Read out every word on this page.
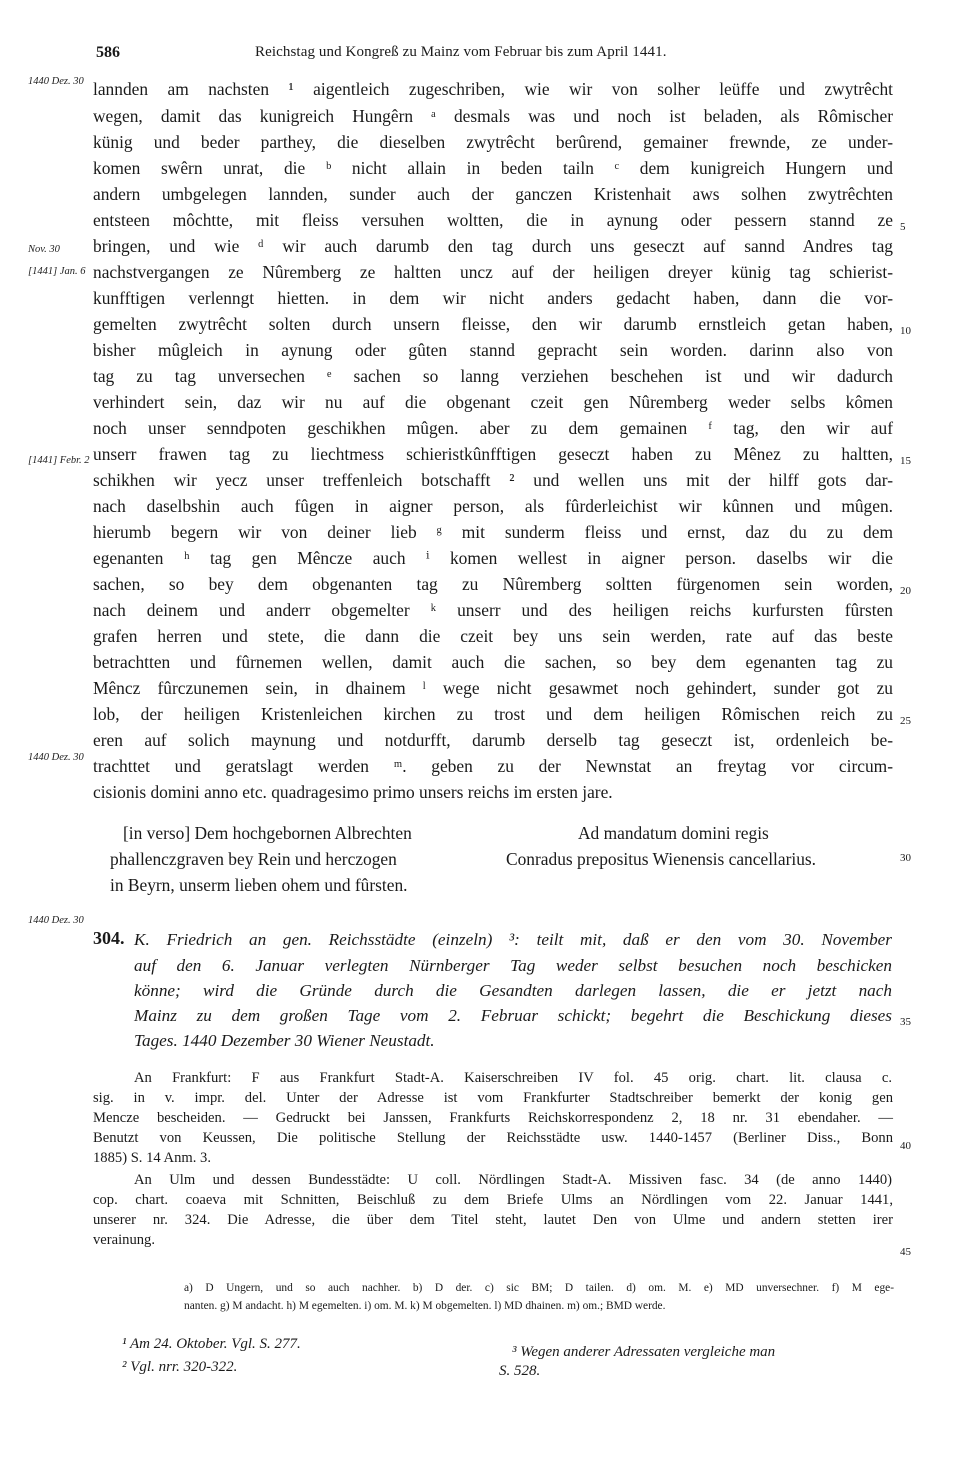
586	Reichstag und Kongreß zu Mainz vom Februar bis zum April 1441.
1440 Dez. 30
Nov. 30
[1441] Jan. 6
[1441] Febr. 2
1440 Dez. 30
1440 Dez. 30
lannden am nachsten ¹ aigentleich zugeschriben, wie wir von solher leüffe und zwytrêcht
wegen, damit das kunigreich Hungêrn ᵃ desmals was und noch ist beladen, als Rômischer
künig und beder parthey, die dieselben zwytrêcht berûrend, gemainer frewnde, ze under-
komen swêrn unrat, die ᵇ nicht allain in beden tailn ᶜ dem kunigreich Hungern und
andern umbgelegen lannden, sunder auch der ganczen Kristenhait aws solhen zwytrêchten
entsteen môchtte, mit fleiss versuhen woltten, die in aynung oder pessern stannd ze
bringen, und wie ᵈ wir auch darumb den tag durch uns geseczt auf sannd Andres tag
nachstvergangen ze Nûremberg ze haltten uncz auf der heiligen dreyer künig tag schierist-
kunfftigen verlenngt hietten. in dem wir nicht anders gedacht haben, dann die vor-
gemelten zwytrêcht solten durch unsern fleisse, den wir darumb ernstleich getan haben,
bisher mûgleich in aynung oder gûten stannd gepracht sein worden. darinn also von
tag zu tag unversechen ᵉ sachen so lanng verziehen beschehen ist und wir dadurch
verhindert sein, daz wir nu auf die obgenant czeit gen Nûremberg weder selbs kômen
noch unser senndpoten geschikhen mûgen. aber zu dem gemainen ᶠ tag, den wir auf
unserr frawen tag zu liechtmess schieristkûnfftigen geseczt haben zu Mênez zu haltten,
schikhen wir yecz unser treffenleich botschafft ² und wellen uns mit der hilff gots dar-
nach daselbshin auch fûgen in aigner person, als fûrderleichist wir kûnnen und mûgen.
hierumb begern wir von deiner lieb ᵍ mit sunderm fleiss und ernst, daz du zu dem
egenanten ʰ tag gen Mêncze auch ⁱ komen wellest in aigner person. daselbs wir die
sachen, so bey dem obgenanten tag zu Nûremberg soltten fürgenomen sein worden,
nach deinem und anderr obgemelter ᵏ unserr und des heiligen reichs kurfursten fûrsten
grafen herren und stete, die dann die czeit bey uns sein werden, rate auf das beste
betrachtten und fûrnemen wellen, damit auch die sachen, so bey dem egenanten tag zu
Mêncz fûrczunemen sein, in dhainem ˡ wege nicht gesawmet noch gehindert, sunder got zu
lob, der heiligen Kristenleichen kirchen zu trost und dem heiligen Rômischen reich zu
eren auf solich maynung und notdurfft, darumb derselb tag geseczt ist, ordenleich be-
trachttet und geratslagt werden ᵐ. geben zu der Newnstat an freytag vor circum-
cisionis domini anno etc. quadragesimo primo unsers reichs im ersten jare.
[in verso] Dem hochgebornen Albrechten
phallenczgraven bey Rein und herczogen
in Beyrn, unserm lieben ohem und fûrsten.
Ad mandatum domini regis
Conradus prepositus Wienensis cancellarius.
5
10
15
20
25
30
35
40
45
304. K. Friedrich an gen. Reichsstädte (einzeln) ³: teilt mit, daß er den vom 30. November
auf den 6. Januar verlegten Nürnberger Tag weder selbst besuchen noch beschicken
könne; wird die Gründe durch die Gesandten darlegen lassen, die er jetzt nach
Mainz zu dem großen Tage vom 2. Februar schickt; begehrt die Beschickung dieses
Tages. 1440 Dezember 30 Wiener Neustadt.
An Frankfurt: F aus Frankfurt Stadt-A. Kaiserschreiben IV fol. 45 orig. chart. lit. clausa c.
sig. in v. impr. del. Unter der Adresse ist vom Frankfurter Stadtschreiber bemerkt der konig gen
Mencze bescheiden. — Gedruckt bei Janssen, Frankfurts Reichskorrespondenz 2, 18 nr. 31 ebendaher. —
Benutzt von Keussen, Die politische Stellung der Reichsstädte usw. 1440-1457 (Berliner Diss., Bonn
1885) S. 14 Anm. 3.
An Ulm und dessen Bundesstädte: U coll. Nördlingen Stadt-A. Missiven fasc. 34 (de anno 1440)
cop. chart. coaeva mit Schnitten, Beischluß zu dem Briefe Ulms an Nördlingen vom 22. Januar 1441,
unserer nr. 324. Die Adresse, die über dem Titel steht, lautet Den von Ulme und andern stetten irer
verainung.
a) D Ungern, und so auch nachher. b) D der. c) sic BM; D tailen. d) om. M. e) MD unversechner. f) M ege-
nanten. g) M andacht. h) M egemelten. i) om. M. k) M obgemelten. l) MD dhainen. m) om.; BMD werde.
¹ Am 24. Oktober. Vgl. S. 277.
² Vgl. nrr. 320-322.
³ Wegen anderer Adressaten vergleiche man
S. 528.
